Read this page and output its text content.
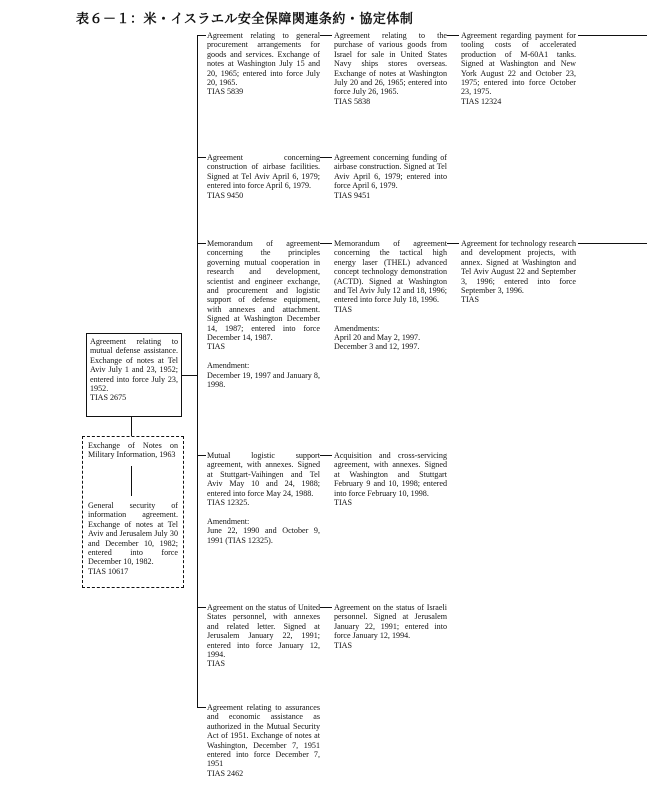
表６－１：米・イスラエル安全保障関連条約・協定体制
Agreement relating to mutual defense assistance. Exchange of notes at Tel Aviv July 1 and 23, 1952; entered into force July 23, 1952.
TIAS 2675
Exchange of Notes on Military Information, 1963
General security of information agreement. Exchange of notes at Tel Aviv and Jerusalem July 30 and December 10, 1982; entered into force December 10, 1982.
TIAS 10617
Agreement relating to general procurement arrangements for goods and services. Exchange of notes at Washington July 15 and 20, 1965; entered into force July 20, 1965.
TIAS 5839
Agreement concerning construction of airbase facilities. Signed at Tel Aviv April 6, 1979; entered into force April 6, 1979.
TIAS 9450
Memorandum of agreement concerning the principles governing mutual cooperation in research and development, scientist and engineer exchange, and procurement and logistic support of defense equipment, with annexes and attachment. Signed at Washington December 14, 1987; entered into force December 14, 1987.
TIAS

Amendment:
December 19, 1997 and January 8, 1998.
Mutual logistic support agreement, with annexes. Signed at Stuttgart-Vaihingen and Tel Aviv May 10 and 24, 1988; entered into force May 24, 1988.
TIAS 12325.

Amendment:
June 22, 1990 and October 9, 1991 (TIAS 12325).
Agreement on the status of United States personnel, with annexes and related letter. Signed at Jerusalem January 22, 1991; entered into force January 12, 1994.
TIAS
Agreement relating to assurances and economic assistance as authorized in the Mutual Security Act of 1951. Exchange of notes at Washington, December 7, 1951 entered into force December 7, 1951
TIAS 2462
Agreement relating to the purchase of various goods from Israel for sale in United States Navy ships stores overseas. Exchange of notes at Washington July 20 and 26, 1965; entered into force July 26, 1965.
TIAS 5838
Agreement concerning funding of airbase construction. Signed at Tel Aviv April 6, 1979; entered into force April 6, 1979.
TIAS 9451
Memorandum of agreement concerning the tactical high energy laser (THEL) advanced concept technology demonstration (ACTD). Signed at Washington and Tel Aviv July 12 and 18, 1996; entered into force July 18, 1996.
TIAS

Amendments:
April 20 and May 2, 1997.
December 3 and 12, 1997.
Acquisition and cross-servicing agreement, with annexes. Signed at Washington and Stuttgart February 9 and 10, 1998; entered into force February 10, 1998.
TIAS
Agreement on the status of Israeli personnel. Signed at Jerusalem January 22, 1991; entered into force January 12, 1994.
TIAS
Agreement regarding payment for tooling costs of accelerated production of M-60A1 tanks. Signed at Washington and New York August 22 and October 23, 1975; entered into force October 23, 1975.
TIAS 12324
Agreement for technology research and development projects, with annex. Signed at Washington and Tel Aviv August 22 and September 3, 1996; entered into force September 3, 1996.
TIAS
